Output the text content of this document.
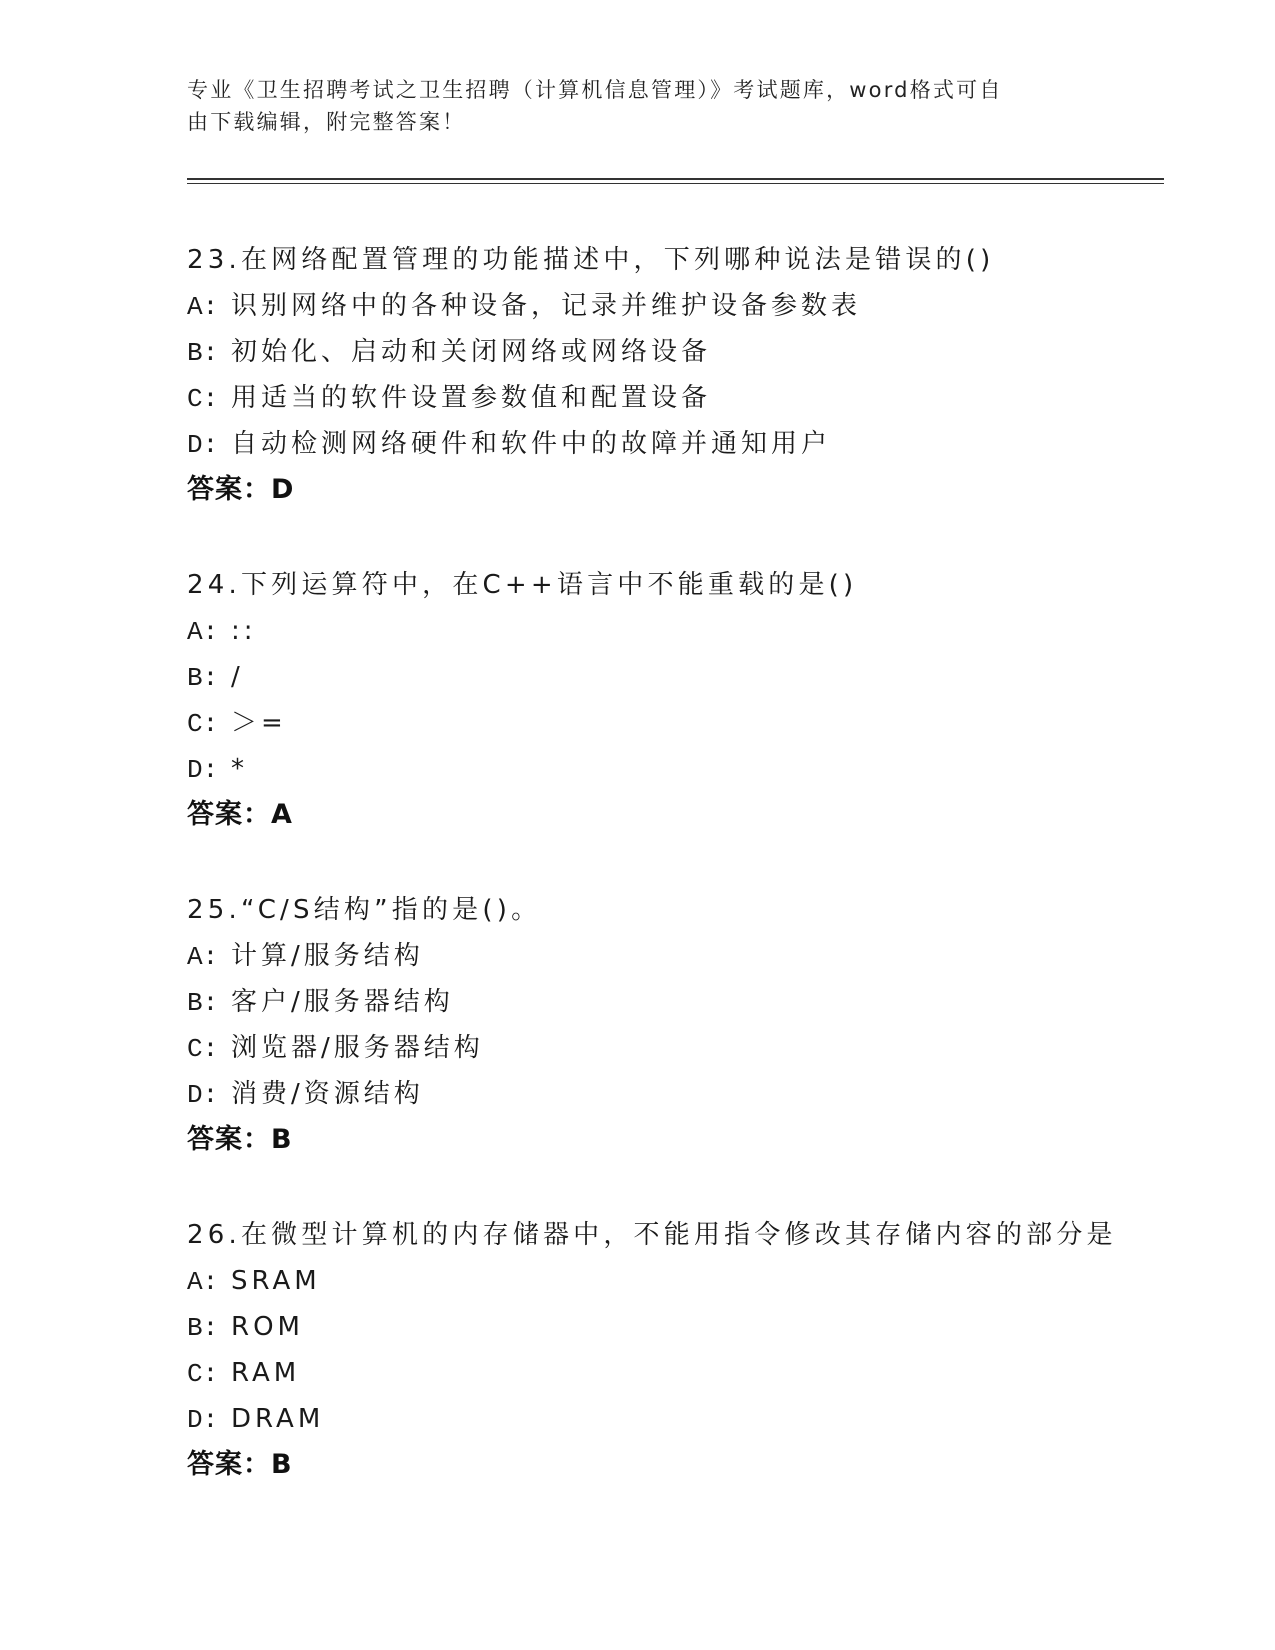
专业《卫生招聘考试之卫生招聘（计算机信息管理）》考试题库，word格式可自
由下载编辑，附完整答案！
23.在网络配置管理的功能描述中，下列哪种说法是错误的()
A: 识别网络中的各种设备，记录并维护设备参数表
B: 初始化、启动和关闭网络或网络设备
C: 用适当的软件设置参数值和配置设备
D: 自动检测网络硬件和软件中的故障并通知用户
答案：D
24.下列运算符中，在C++语言中不能重载的是()
A: ::
B: /
C: ＞=
D: *
答案：A
25.“C/S结构”指的是()。
A: 计算/服务结构
B: 客户/服务器结构
C: 浏览器/服务器结构
D: 消费/资源结构
答案：B
26.在微型计算机的内存储器中，不能用指令修改其存储内容的部分是
A: SRAM
B: ROM
C: RAM
D: DRAM
答案：B
